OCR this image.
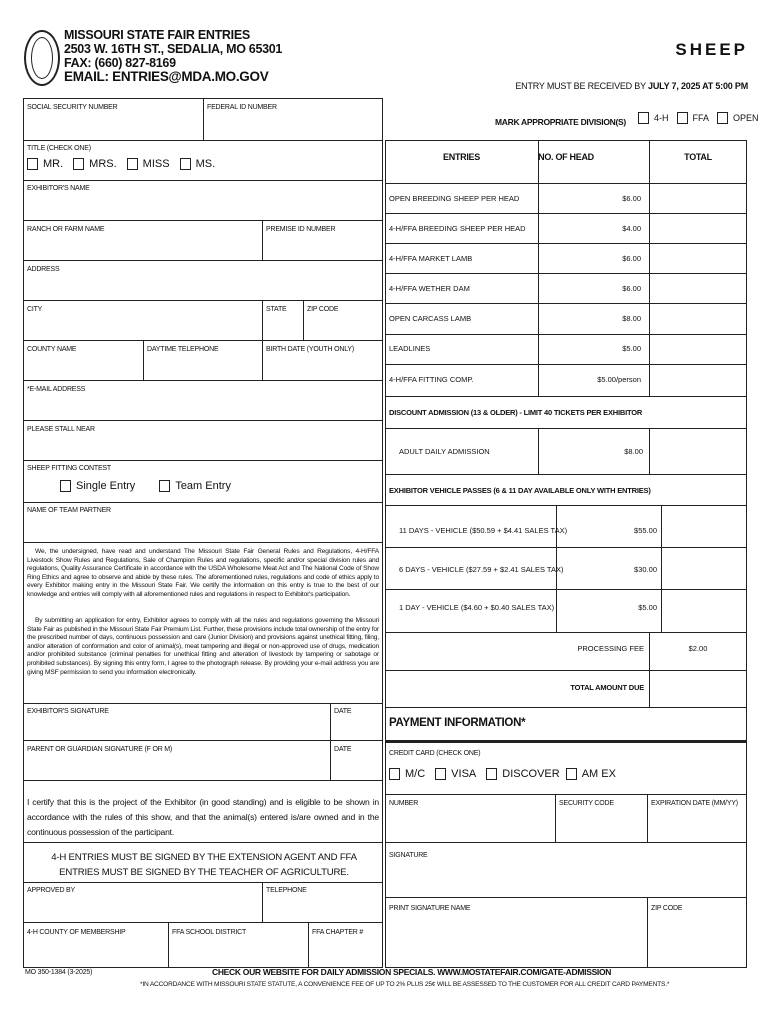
MISSOURI STATE FAIR ENTRIES
2503 W. 16TH ST., SEDALIA, MO 65301
FAX: (660) 827-8169
EMAIL: ENTRIES@MDA.MO.GOV
SHEEP
ENTRY MUST BE RECEIVED BY JULY 7, 2025 AT 5:00 PM
SOCIAL SECURITY NUMBER	FEDERAL ID NUMBER
TITLE (CHECK ONE)
MR. MRS. MISS MS.
EXHIBITOR'S NAME
RANCH OR FARM NAME	PREMISE ID NUMBER
ADDRESS
CITY	STATE	ZIP CODE
COUNTY NAME	DAYTIME TELEPHONE	BIRTH DATE (YOUTH ONLY)
*E-MAIL ADDRESS
PLEASE STALL NEAR
SHEEP FITTING CONTEST
Single Entry	Team Entry
NAME OF TEAM PARTNER
We, the undersigned, have read and understand The Missouri State Fair General Rules and Regulations, 4-H/FFA Livestock Show Rules and Regulations, Sale of Champion Rules and regulations, specific and/or special division rules and regulations, Quality Assurance Certificate in accordance with the USDA Wholesome Meat Act and The National Code of Show Ring Ethics and agree to observe and abide by these rules. The aforementioned rules, regulations and code of ethics apply to every Exhibitor making entry in the Missouri State Fair. We certify the information on this entry is true to the best of our knowledge and entries will comply with all aforementioned rules and regulations in respect to Exhibitor's participation.
By submitting an application for entry, Exhibitor agrees to comply with all the rules and regulations governing the Missouri State Fair as published in the Missouri State Fair Premium List. Further, these provisions include total ownership of the entry for the prescribed number of days, continuous possession and care (Junior Division) and provisions against unethical fitting, filing, and/or alteration of conformation and color of animal(s), meat tampering and illegal or non-approved use of drugs, medication and/or prohibited substance (criminal penalties for unethical fitting and alteration of livestock by tampering or sabotage or prohibited substances). By signing this entry form, I agree to the photograph release. By providing your e-mail address you are giving MSF permission to send you information electronically.
EXHIBITOR'S SIGNATURE	DATE
PARENT OR GUARDIAN SIGNATURE (F OR M)	DATE
I certify that this is the project of the Exhibitor (in good standing) and is eligible to be shown in accordance with the rules of this show, and that the animal(s) entered is/are owned and in the continuous possession of the participant.
4-H ENTRIES MUST BE SIGNED BY THE EXTENSION AGENT AND FFA ENTRIES MUST BE SIGNED BY THE TEACHER OF AGRICULTURE.
APPROVED BY	TELEPHONE
4-H COUNTY OF MEMBERSHIP	FFA SCHOOL DISTRICT	FFA CHAPTER #
MARK APPROPRIATE DIVISION(S)	4-H	FFA	OPEN
ENTRIES	NO. OF HEAD	TOTAL
OPEN BREEDING SHEEP PER HEAD	$6.00
4-H/FFA BREEDING SHEEP PER HEAD	$4.00
4-H/FFA MARKET LAMB	$6.00
4-H/FFA WETHER DAM	$6.00
OPEN CARCASS LAMB	$8.00
LEADLINES	$5.00
4-H/FFA FITTING COMP.	$5.00/person
DISCOUNT ADMISSION (13 & OLDER) - LIMIT 40 TICKETS PER EXHIBITOR
ADULT DAILY ADMISSION	$8.00
EXHIBITOR VEHICLE PASSES (6 & 11 DAY AVAILABLE ONLY WITH ENTRIES)
11 DAYS - VEHICLE ($50.59 + $4.41 SALES TAX)	$55.00
6 DAYS - VEHICLE ($27.59 + $2.41 SALES TAX)	$30.00
1 DAY - VEHICLE ($4.60 + $0.40 SALES TAX)	$5.00
PROCESSING FEE	$2.00
TOTAL AMOUNT DUE
PAYMENT INFORMATION*
CREDIT CARD (CHECK ONE)
M/C VISA DISCOVER AM EX
NUMBER	SECURITY CODE	EXPIRATION DATE (MM/YY)
SIGNATURE
PRINT SIGNATURE NAME	ZIP CODE
MO 350-1384 (3-2025)	CHECK OUR WEBSITE FOR DAILY ADMISSION SPECIALS. WWW.MOSTATEFAIR.COM/GATE-ADMISSION
*IN ACCORDANCE WITH MISSOURI STATE STATUTE, A CONVENIENCE FEE OF UP TO 2% PLUS 25¢ WILL BE ASSESSED TO THE CUSTOMER FOR ALL CREDIT CARD PAYMENTS.*
